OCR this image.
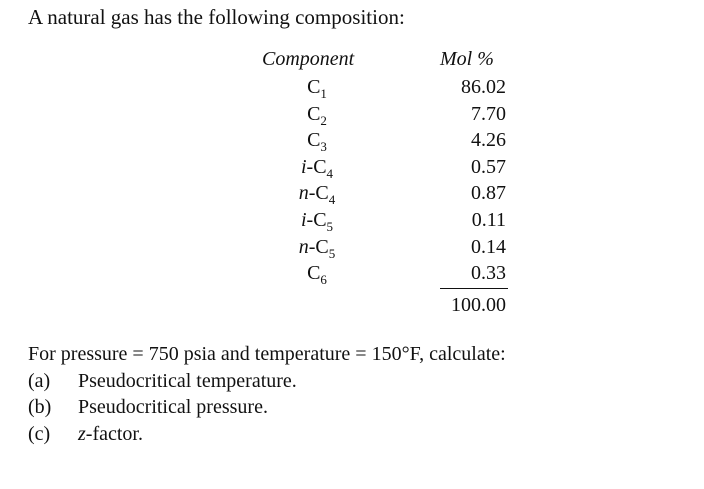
A natural gas has the following composition:
Component	Mol %
$C_1$
$C_2$
$C_3$
$i-C_4$
$n-C_4$
$i-C_5$
$n-C_5$
$C_6$
86.02
7.70
4.26
0.57
0.87
0.11
0.14
0.33
100.00
For pressure = 750 psia and temperature = 150°F, calculate:
(a) Pseudocritical temperature.
(b) Pseudocritical pressure.
(c) z-factor.
